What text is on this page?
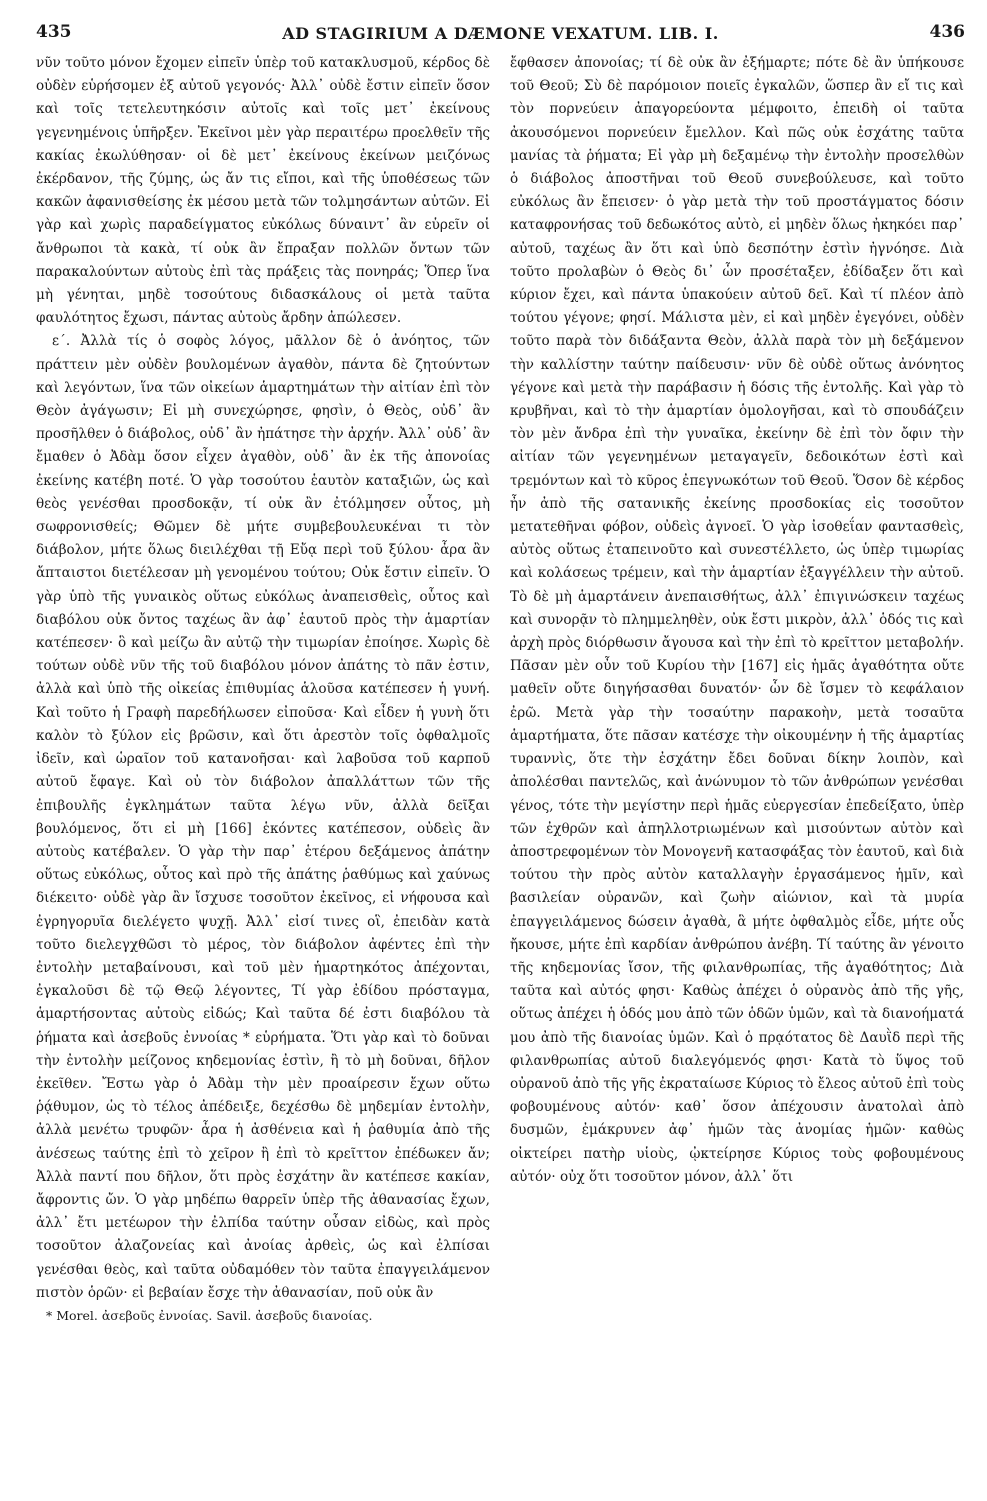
435	AD STAGIRIUM A DÆMONE VEXATUM. LIB. I.	436

νῦν τοῦτο μόνον ἔχομεν εἰπεῖν ὑπὲρ τοῦ κατακλυσμοῦ, κέρδος δὲ οὐδὲν εὑρήσομεν ἐξ αὐτοῦ γεγονός· Ἀλλ᾽ οὐδὲ ἔστιν εἰπεῖν ὅσον καὶ τοῖς τετελευτηκόσιν αὐτοῖς καὶ τοῖς μετ᾽ ἐκείνους γεγενημένοις ὑπῆρξεν. Ἐκεῖνοι μὲν γὰρ περαιτέρω προελθεῖν τῆς κακίας ἐκωλύθησαν· οἱ δὲ μετ᾽ ἐκείνους ἐκείνων μειζόνως ἐκέρδανον, τῆς ζύμης, ὡς ἄν τις εἴποι, καὶ τῆς ὑποθέσεως τῶν κακῶν ἀφανισθείσης ἐκ μέσου μετὰ τῶν τολμησάντων αὐτῶν. Εἰ γὰρ καὶ χωρὶς παραδείγματος εὐκόλως δύναιντ᾽ ἂν εὑρεῖν οἱ ἄνθρωποι τὰ κακὰ, τί οὐκ ἂν ἔπραξαν πολλῶν ὄντων τῶν παρακαλούντων αὐτοὺς ἐπὶ τὰς πράξεις τὰς πονηράς; Ὅπερ ἵνα μὴ γένηται, μηδὲ τοσούτους διδασκάλους οἱ μετὰ ταῦτα φαυλότητος ἔχωσι, πάντας αὐτοὺς ἄρδην ἀπώλεσεν.

ε΄. Ἀλλὰ τίς ὁ σοφὸς λόγος, μᾶλλον δὲ ὁ ἀνόητος, τῶν πράττειν μὲν οὐδὲν βουλομένων ἀγαθὸν, πάντα δὲ ζητούντων καὶ λεγόντων, ἵνα τῶν οἰκείων ἁμαρτημάτων τὴν αἰτίαν ἐπὶ τὸν Θεὸν ἀγάγωσιν; Εἰ μὴ συνεχώρησε, φησὶν, ὁ Θεὸς, οὐδ᾽ ἂν προσῆλθεν ὁ διάβολος, οὐδ᾽ ἂν ἠπάτησε τὴν ἀρχήν. Ἀλλ᾽ οὐδ᾽ ἂν ἔμαθεν ὁ Ἀδὰμ ὅσον εἶχεν ἀγαθὸν, οὐδ᾽ ἂν ἐκ τῆς ἀπονοίας ἐκείνης κατέβη ποτέ. Ὁ γὰρ τοσούτου ἑαυτὸν καταξιῶν, ὡς καὶ θεὸς γενέσθαι προσδοκᾷν, τί οὐκ ἂν ἐτόλμησεν οὗτος, μὴ σωφρονισθείς; Θῶμεν δὲ μήτε συμβεβουλευκέναι τι τὸν διάβολον, μήτε ὅλως διειλέχθαι τῇ Εὔᾳ περὶ τοῦ ξύλου· ἆρα ἂν ἄπταιστοι διετέλεσαν μὴ γενομένου τούτου; Οὐκ ἔστιν εἰπεῖν. Ὁ γὰρ ὑπὸ τῆς γυναικὸς οὕτως εὐκόλως ἀναπεισθεὶς, οὗτος καὶ διαβόλου οὐκ ὄντος ταχέως ἂν ἀφ᾽ ἑαυτοῦ πρὸς τὴν ἁμαρτίαν κατέπεσεν· ὃ καὶ μείζω ἂν αὐτῷ τὴν τιμωρίαν ἐποίησε. Χωρὶς δὲ τούτων οὐδὲ νῦν τῆς τοῦ διαβόλου μόνον ἀπάτης τὸ πᾶν ἐστιν, ἀλλὰ καὶ ὑπὸ τῆς οἰκείας ἐπιθυμίας ἁλοῦσα κατέπεσεν ἡ γυνή. Καὶ τοῦτο ἡ Γραφὴ παρεδήλωσεν εἰποῦσα· Καὶ εἶδεν ἡ γυνὴ ὅτι καλὸν τὸ ξύλον εἰς βρῶσιν, καὶ ὅτι ἀρεστὸν τοῖς ὀφθαλμοῖς ἰδεῖν, καὶ ὡραῖον τοῦ κατανοῆσαι· καὶ λαβοῦσα τοῦ καρποῦ αὐτοῦ ἔφαγε. Καὶ οὐ τὸν διάβολον ἀπαλλάττων τῶν τῆς ἐπιβουλῆς ἐγκλημάτων ταῦτα λέγω νῦν, ἀλλὰ δεῖξαι βουλόμενος, ὅτι εἰ μὴ [166] ἑκόντες κατέπεσον, οὐδεὶς ἂν αὐτοὺς κατέβαλεν. Ὁ γὰρ τὴν παρ᾽ ἑτέρου δεξάμενος ἀπάτην οὕτως εὐκόλως, οὗτος καὶ πρὸ τῆς ἀπάτης ῥαθύμως καὶ χαύνως διέκειτο· οὐδὲ γὰρ ἂν ἴσχυσε τοσοῦτον ἐκεῖνος, εἰ νήφουσα καὶ ἐγρηγορυῖα διελέγετο ψυχῇ. Ἀλλ᾽ εἰσί τινες οἳ, ἐπειδὰν κατὰ τοῦτο διελεγχθῶσι τὸ μέρος, τὸν διάβολον ἀφέντες ἐπὶ τὴν ἐντολὴν μεταβαίνουσι, καὶ τοῦ μὲν ἡμαρτηκότος ἀπέχονται, ἐγκαλοῦσι δὲ τῷ Θεῷ λέγοντες, Τί γὰρ ἐδίδου πρόσταγμα, ἁμαρτήσοντας αὐτοὺς εἰδώς; Καὶ ταῦτα δέ ἐστι διαβόλου τὰ ῥήματα καὶ ἀσεβοῦς ἐννοίας * εὑρήματα. Ὅτι γὰρ καὶ τὸ δοῦναι τὴν ἐντολὴν μείζονος κηδεμονίας ἐστὶν, ἢ τὸ μὴ δοῦναι, δῆλον ἐκεῖθεν. Ἔστω γὰρ ὁ Ἀδὰμ τὴν μὲν προαίρεσιν ἔχων οὕτω ῥᾴθυμον, ὡς τὸ τέλος ἀπέδειξε, δεχέσθω δὲ μηδεμίαν ἐντολὴν, ἀλλὰ μενέτω τρυφῶν· ἆρα ἡ ἀσθένεια καὶ ἡ ῥαθυμία ἀπὸ τῆς ἀνέσεως ταύτης ἐπὶ τὸ χεῖρον ἢ ἐπὶ τὸ κρεῖττον ἐπέδωκεν ἄν; Ἀλλὰ παντί που δῆλον, ὅτι πρὸς ἐσχάτην ἂν κατέπεσε κακίαν, ἄφροντις ὤν. Ὁ γὰρ μηδέπω θαρρεῖν ὑπὲρ τῆς ἀθανασίας ἔχων, ἀλλ᾽ ἔτι μετέωρον τὴν ἐλπίδα ταύτην οὖσαν εἰδὼς, καὶ πρὸς τοσοῦτον ἀλαζονείας καὶ ἀνοίας ἀρθεὶς, ὡς καὶ ἐλπίσαι γενέσθαι θεὸς, καὶ ταῦτα οὐδαμόθεν τὸν ταῦτα ἐπαγγειλάμενον πιστὸν ὁρῶν· εἰ βεβαίαν ἔσχε τὴν ἀθανασίαν, ποῦ οὐκ ἂν

* Morel. ἀσεβοῦς ἐννοίας. Savil. ἀσεβοῦς διανοίας.

ἔφθασεν ἀπονοίας; τί δὲ οὐκ ἂν ἐξήμαρτε; πότε δὲ ἂν ὑπήκουσε τοῦ Θεοῦ; Σὺ δὲ παρόμοιον ποιεῖς ἐγκαλῶν, ὥσπερ ἂν εἴ τις καὶ τὸν πορνεύειν ἀπαγορεύοντα μέμφοιτο, ἐπειδὴ οἱ ταῦτα ἀκουσόμενοι πορνεύειν ἔμελλον. Καὶ πῶς οὐκ ἐσχάτης ταῦτα μανίας τὰ ῥήματα; Εἰ γὰρ μὴ δεξαμένῳ τὴν ἐντολὴν προσελθὼν ὁ διάβολος ἀποστῆναι τοῦ Θεοῦ συνεβούλευσε, καὶ τοῦτο εὐκόλως ἂν ἔπεισεν· ὁ γὰρ μετὰ τὴν τοῦ προστάγματος δόσιν καταφρονήσας τοῦ δεδωκότος αὐτὸ, εἰ μηδὲν ὅλως ἠκηκόει παρ᾽ αὐτοῦ, ταχέως ἂν ὅτι καὶ ὑπὸ δεσπότην ἐστὶν ἠγνόησε. Διὰ τοῦτο προλαβὼν ὁ Θεὸς δι᾽ ὧν προσέταξεν, ἐδίδαξεν ὅτι καὶ κύριον ἔχει, καὶ πάντα ὑπακούειν αὐτοῦ δεῖ. Καὶ τί πλέον ἀπὸ τούτου γέγονε; φησί. Μάλιστα μὲν, εἰ καὶ μηδὲν ἐγεγόνει, οὐδὲν τοῦτο παρὰ τὸν διδάξαντα Θεὸν, ἀλλὰ παρὰ τὸν μὴ δεξάμενον τὴν καλλίστην ταύτην παίδευσιν· νῦν δὲ οὐδὲ οὕτως ἀνόνητος γέγονε καὶ μετὰ τὴν παράβασιν ἡ δόσις τῆς ἐντολῆς. Καὶ γὰρ τὸ κρυβῆναι, καὶ τὸ τὴν ἁμαρτίαν ὁμολογῆσαι, καὶ τὸ σπουδάζειν τὸν μὲν ἄνδρα ἐπὶ τὴν γυναῖκα, ἐκείνην δὲ ἐπὶ τὸν ὄφιν τὴν αἰτίαν τῶν γεγενημένων μεταγαγεῖν, δεδοικότων ἐστὶ καὶ τρεμόντων καὶ τὸ κῦρος ἐπεγνωκότων τοῦ Θεοῦ. Ὅσον δὲ κέρδος ἦν ἀπὸ τῆς σατανικῆς ἐκείνης προσδοκίας εἰς τοσοῦτον μετατεθῆναι φόβον, οὐδεὶς ἀγνοεῖ. Ὁ γὰρ ἰσοθεΐαν φαντασθεὶς, αὐτὸς οὕτως ἐταπεινοῦτο καὶ συνεστέλλετο, ὡς ὑπὲρ τιμωρίας καὶ κολάσεως τρέμειν, καὶ τὴν ἁμαρτίαν ἐξαγγέλλειν τὴν αὐτοῦ. Τὸ δὲ μὴ ἁμαρτάνειν ἀνεπαισθήτως, ἀλλ᾽ ἐπιγινώσκειν ταχέως καὶ συνορᾷν τὸ πλημμεληθὲν, οὐκ ἔστι μικρὸν, ἀλλ᾽ ὁδός τις καὶ ἀρχὴ πρὸς διόρθωσιν ἄγουσα καὶ τὴν ἐπὶ τὸ κρεῖττον μεταβολήν. Πᾶσαν μὲν οὖν τοῦ Κυρίου τὴν [167] εἰς ἡμᾶς ἀγαθότητα οὔτε μαθεῖν οὔτε διηγήσασθαι δυνατόν· ὧν δὲ ἴσμεν τὸ κεφάλαιον ἐρῶ. Μετὰ γὰρ τὴν τοσαύτην παρακοὴν, μετὰ τοσαῦτα ἁμαρτήματα, ὅτε πᾶσαν κατέσχε τὴν οἰκουμένην ἡ τῆς ἁμαρτίας τυραννὶς, ὅτε τὴν ἐσχάτην ἔδει δοῦναι δίκην λοιπὸν, καὶ ἀπολέσθαι παντελῶς, καὶ ἀνώνυμον τὸ τῶν ἀνθρώπων γενέσθαι γένος, τότε τὴν μεγίστην περὶ ἡμᾶς εὐεργεσίαν ἐπεδείξατο, ὑπὲρ τῶν ἐχθρῶν καὶ ἀπηλλοτριωμένων καὶ μισούντων αὐτὸν καὶ ἀποστρεφομένων τὸν Μονογενῆ κατασφάξας τὸν ἑαυτοῦ, καὶ διὰ τούτου τὴν πρὸς αὐτὸν καταλλαγὴν ἐργασάμενος ἡμῖν, καὶ βασιλείαν οὐρανῶν, καὶ ζωὴν αἰώνιον, καὶ τὰ μυρία ἐπαγγειλάμενος δώσειν ἀγαθὰ, ἃ μήτε ὀφθαλμὸς εἶδε, μήτε οὖς ἤκουσε, μήτε ἐπὶ καρδίαν ἀνθρώπου ἀνέβη. Τί ταύτης ἂν γένοιτο τῆς κηδεμονίας ἴσον, τῆς φιλανθρωπίας, τῆς ἀγαθότητος; Διὰ ταῦτα καὶ αὐτός φησι· Καθὼς ἀπέχει ὁ οὐρανὸς ἀπὸ τῆς γῆς, οὕτως ἀπέχει ἡ ὁδός μου ἀπὸ τῶν ὁδῶν ὑμῶν, καὶ τὰ διανοήματά μου ἀπὸ τῆς διανοίας ὑμῶν. Καὶ ὁ πρᾳότατος δὲ Δαυῒδ περὶ τῆς φιλανθρωπίας αὐτοῦ διαλεγόμενός φησι· Κατὰ τὸ ὕψος τοῦ οὐρανοῦ ἀπὸ τῆς γῆς ἐκραταίωσε Κύριος τὸ ἔλεος αὐτοῦ ἐπὶ τοὺς φοβουμένους αὐτόν· καθ᾽ ὅσον ἀπέχουσιν ἀνατολαὶ ἀπὸ δυσμῶν, ἐμάκρυνεν ἀφ᾽ ἡμῶν τὰς ἀνομίας ἡμῶν· καθὼς οἰκτείρει πατὴρ υἱοὺς, ᾠκτείρησε Κύριος τοὺς φοβουμένους αὐτόν· οὐχ ὅτι τοσοῦτον μόνον, ἀλλ᾽ ὅτι
